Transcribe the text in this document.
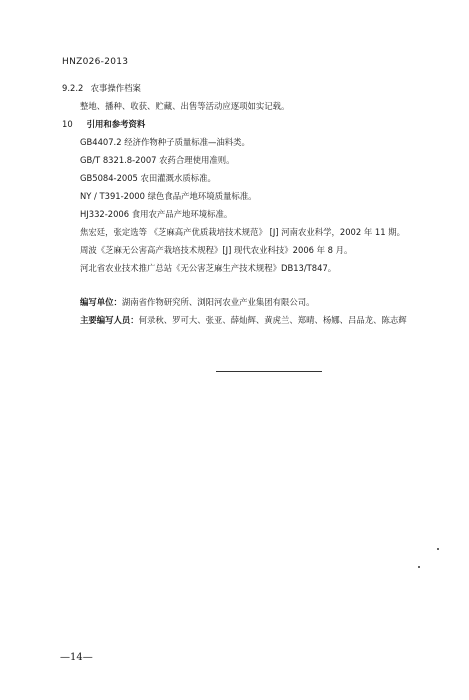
HNZ026-2013
9.2.2 农事操作档案
整地、播种、收获、贮藏、出售等活动应逐项如实记载。
10 引用和参考资料
GB4407.2 经济作物种子质量标准—油料类。
GB/T 8321.8-2007 农药合理使用准则。
GB5084-2005 农田灌溉水质标准。
NY / T391-2000 绿色食品产地环境质量标准。
HJ332-2006 食用农产品产地环境标准。
焦宏廷，张定选等 《芝麻高产优质栽培技术规范》 [J] 河南农业科学，2002 年 11 期。
周波《芝麻无公害高产栽培技术规程》[J] 现代农业科技》2006 年 8 月。
河北省农业技术推广总站《无公害芝麻生产技术规程》DB13/T847。
编写单位：湖南省作物研究所、浏阳河农业产业集团有限公司。
主要编写人员：何录秋、罗可大、张亚、薛灿辉、黄虎兰、郑晴、杨娜、吕品龙、陈志辉
—14—
